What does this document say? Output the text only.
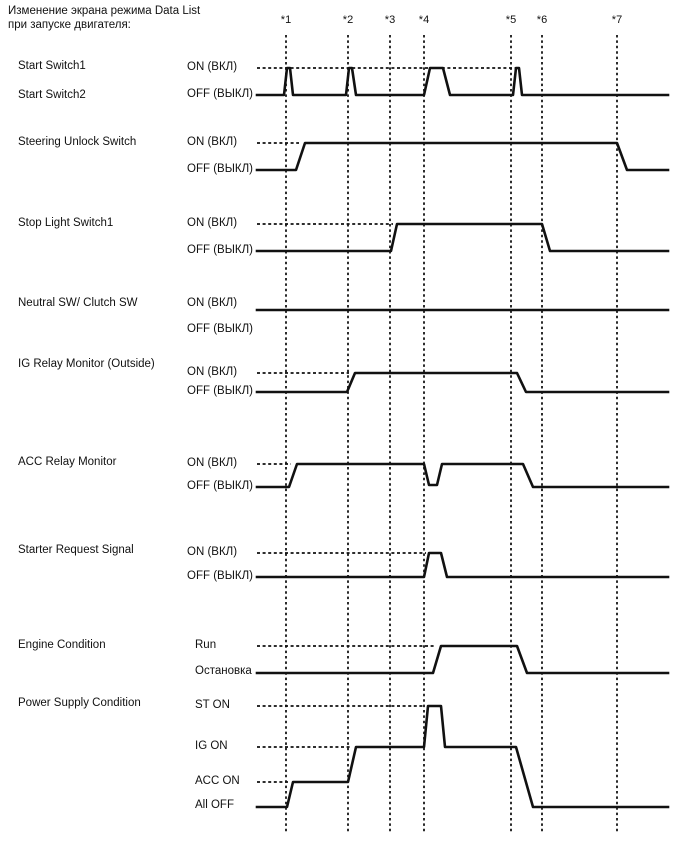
Изменение экрана режима Data List
при запуске двигателя:	*1	*2	*3 *4	*5 *6	*7
Start Switch1
Start Switch2
ON (ВКЛ)
OFF (ВЫКЛ)
Steering Unlock Switch	ON (ВКЛ)
OFF (ВЫКЛ)
Stop Light Switch1	ON (ВКЛ)
OFF (ВЫКЛ)
Neutral SW/ Clutch SW	ON (ВКЛ)
OFF (ВЫКЛ)
IG Relay Monitor (Outside)
ON (ВКЛ)
OFF (ВЫКЛ)
ACC Relay Monitor	ON (ВКЛ)
OFF (ВЫКЛ)
Starter Request Signal	ON (ВКЛ)
OFF (ВЫКЛ)
Engine Condition	Run
Остановка
Power Supply Condition	ST ON
IG ON
ACC ON
All OFF
